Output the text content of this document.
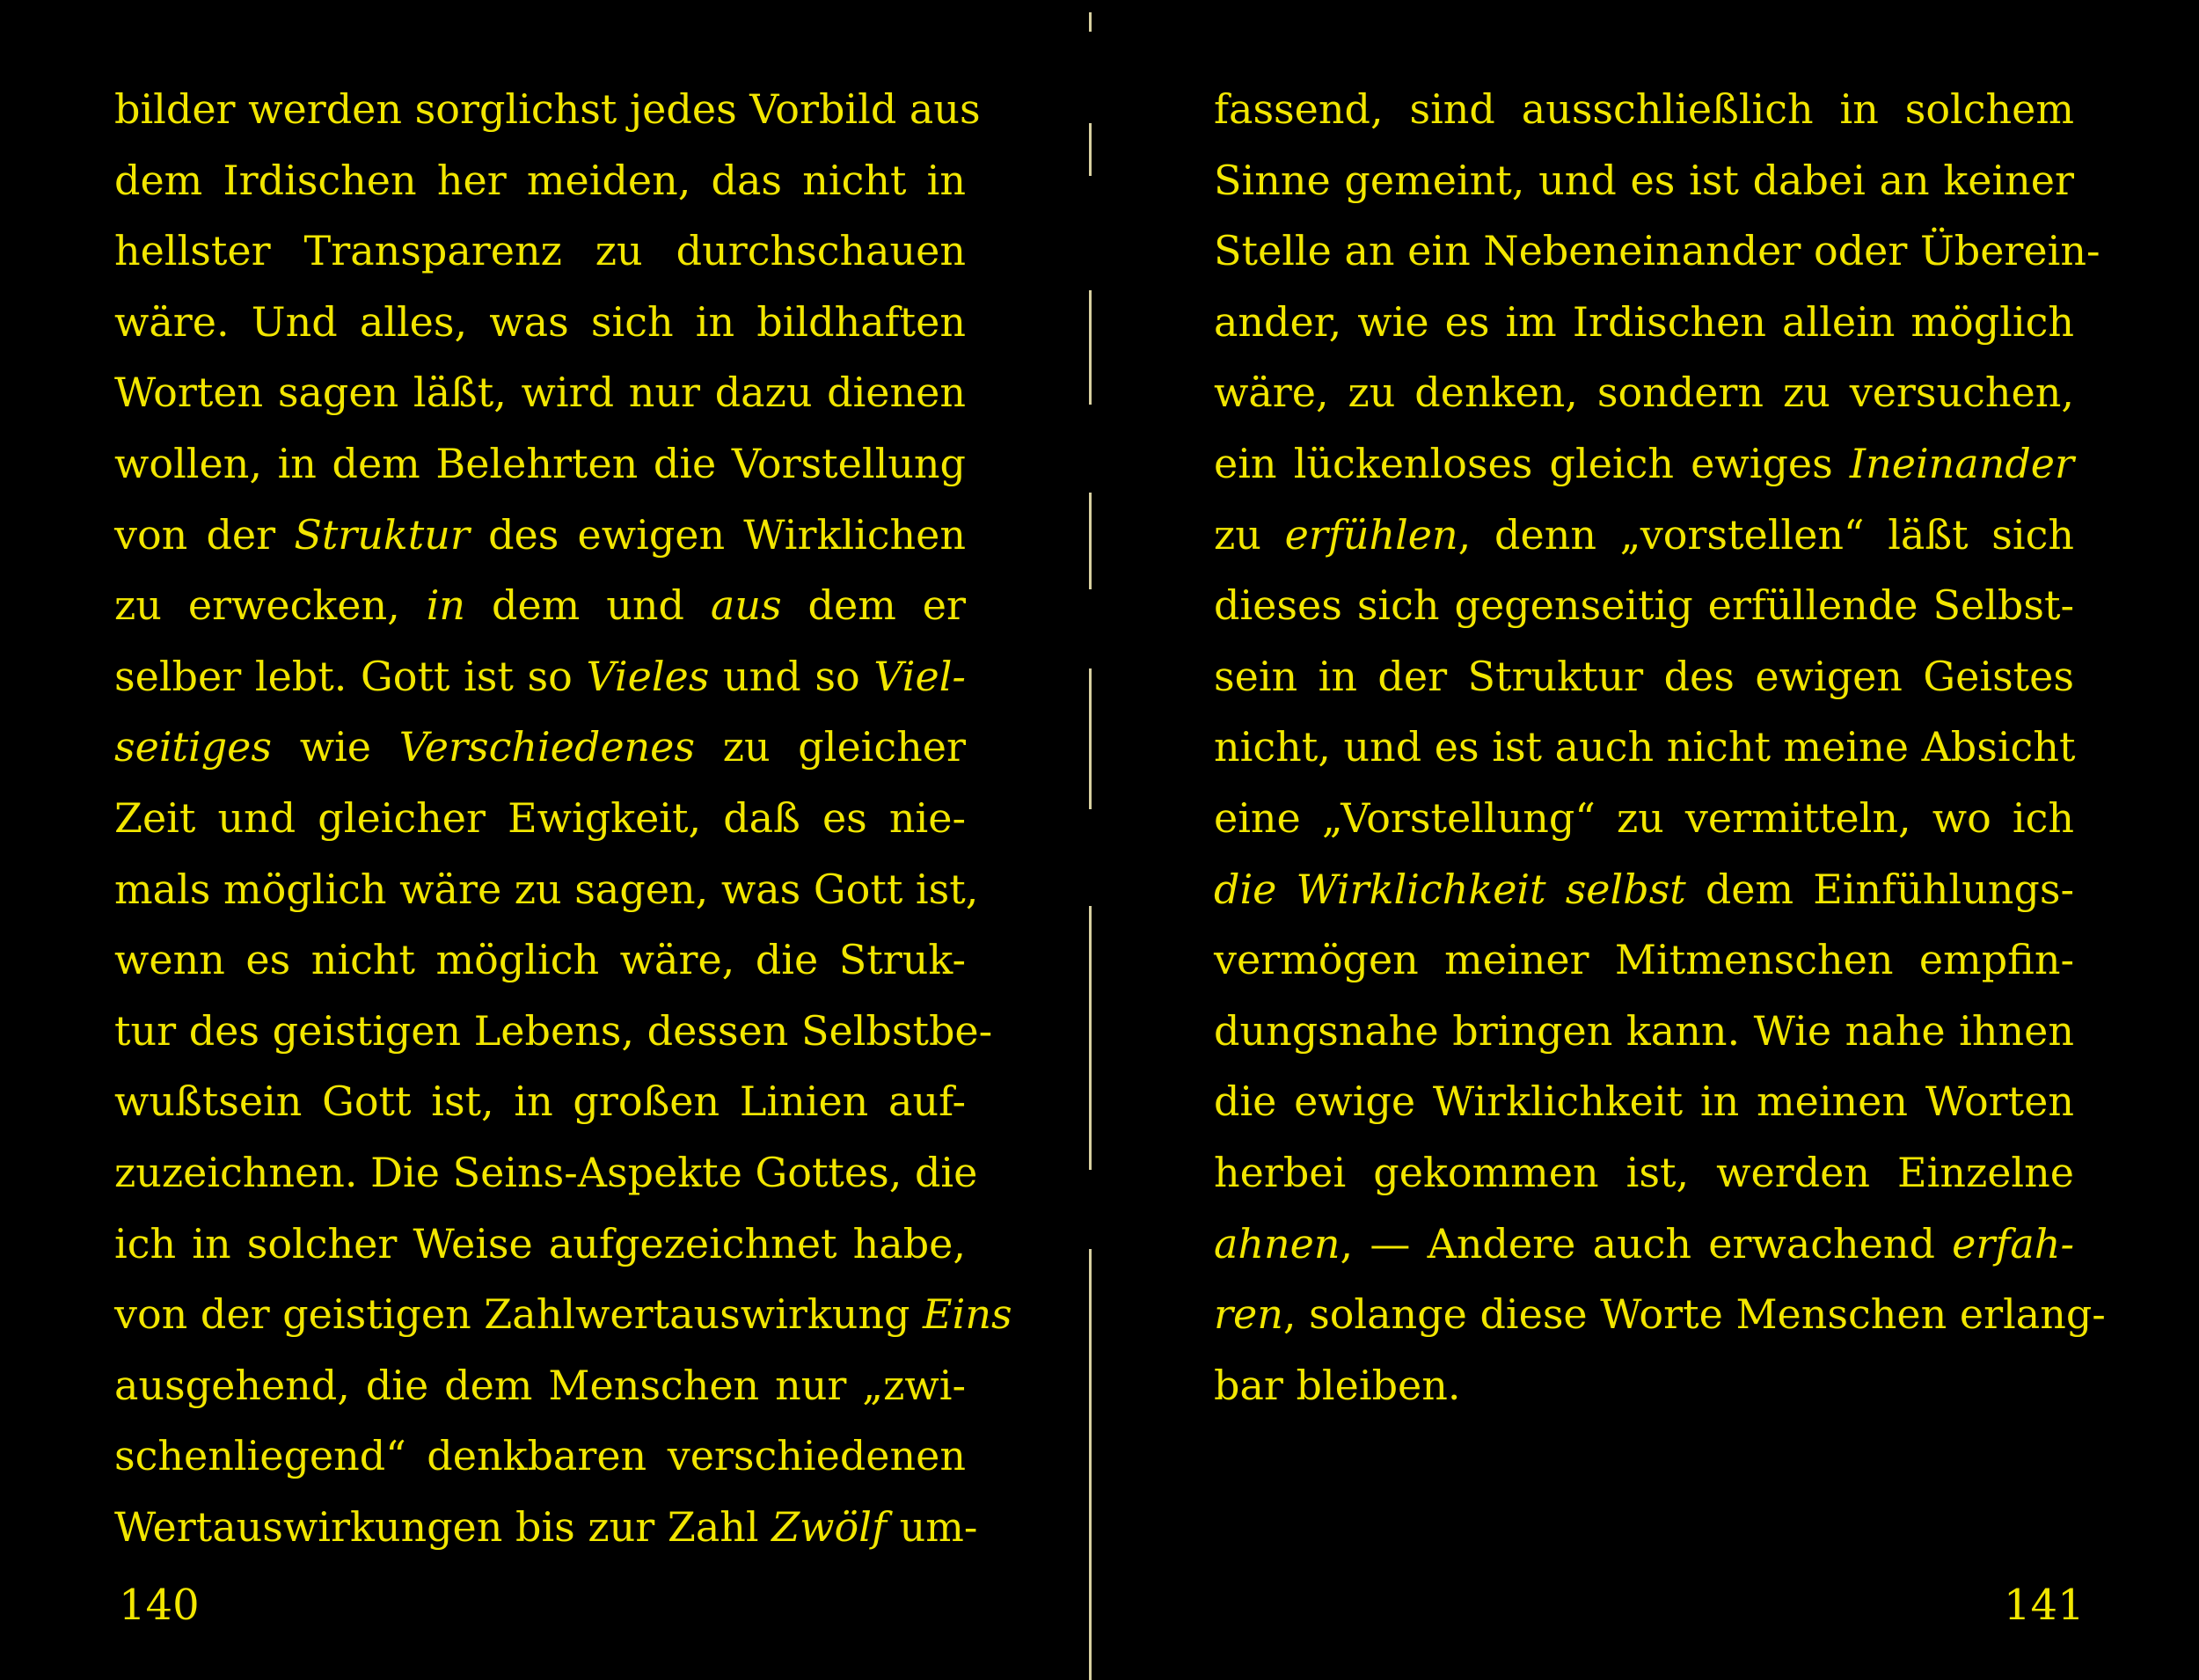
bilder werden sorglichst jedes Vorbild aus
dem Irdischen her meiden, das nicht in
hellster Transparenz zu durchschauen
wäre. Und alles, was sich in bildhaften
Worten sagen läßt, wird nur dazu dienen
wollen, in dem Belehrten die Vorstellung
von der Struktur des ewigen Wirklichen
zu erwecken, in dem und aus dem er
selber lebt. Gott ist so Vieles und so Viel-
seitiges wie Verschiedenes zu gleicher
Zeit und gleicher Ewigkeit, daß es nie-
mals möglich wäre zu sagen, was Gott ist,
wenn es nicht möglich wäre, die Struk-
tur des geistigen Lebens, dessen Selbstbe-
wußtsein Gott ist, in großen Linien auf-
zuzeichnen. Die Seins-Aspekte Gottes, die
ich in solcher Weise aufgezeichnet habe,
von der geistigen Zahlwertauswirkung Eins
ausgehend, die dem Menschen nur „zwi-
schenliegend“ denkbaren verschiedenen
Wertauswirkungen bis zur Zahl Zwölf um-
fassend, sind ausschließlich in solchem
Sinne gemeint, und es ist dabei an keiner
Stelle an ein Nebeneinander oder Überein-
ander, wie es im Irdischen allein möglich
wäre, zu denken, sondern zu versuchen,
ein lückenloses gleich ewiges Ineinander
zu erfühlen, denn „vorstellen“ läßt sich
dieses sich gegenseitig erfüllende Selbst-
sein in der Struktur des ewigen Geistes
nicht, und es ist auch nicht meine Absicht
eine „Vorstellung“ zu vermitteln, wo ich
die Wirklichkeit selbst dem Einfühlungs-
vermögen meiner Mitmenschen empfin-
dungsnahe bringen kann. Wie nahe ihnen
die ewige Wirklichkeit in meinen Worten
herbei gekommen ist, werden Einzelne
ahnen, — Andere auch erwachend erfah-
ren, solange diese Worte Menschen erlang-
bar bleiben.
140	141
